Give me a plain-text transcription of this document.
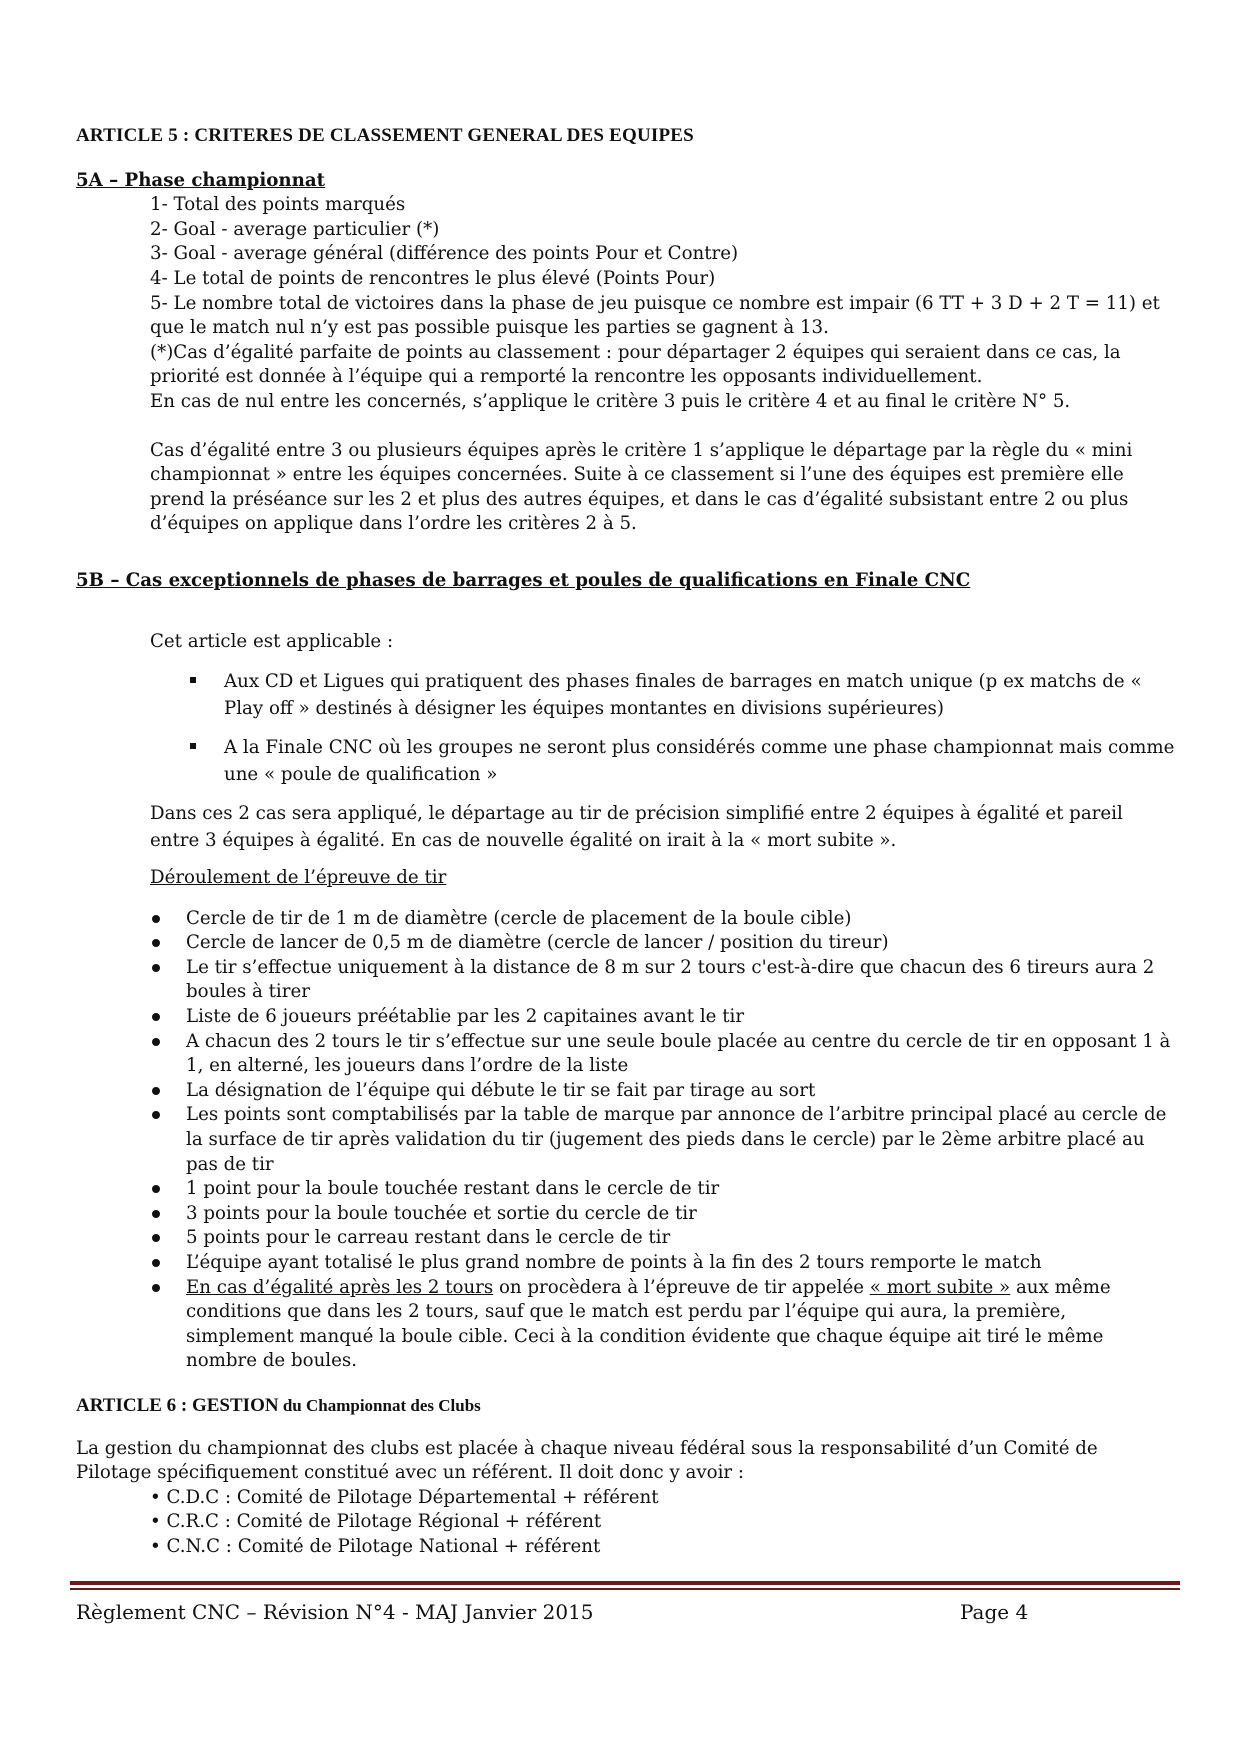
ARTICLE 5 : CRITERES DE CLASSEMENT GENERAL DES EQUIPES
5A – Phase championnat

1- Total des points marqués

2- Goal - average particulier (*)

3- Goal - average général (différence des points Pour et Contre)

4- Le total de points de rencontres le plus élevé (Points Pour)

5- Le nombre total de victoires dans la phase de jeu puisque ce nombre est impair (6 TT + 3 D + 2 T = 11) et que le match nul n’y est pas possible puisque les parties se gagnent à 13.

(*)Cas d’égalité parfaite de points au classement : pour départager 2 équipes qui seraient dans ce cas, la priorité est donnée à l’équipe qui a remporté la rencontre les opposants individuellement.

En cas de nul entre les concernés, s’applique le critère 3 puis le critère 4 et au final le critère N° 5.

Cas d’égalité entre 3 ou plusieurs équipes après le critère 1 s’applique le départage par la règle du « mini championnat » entre les équipes concernées. Suite à ce classement si l’une des équipes est première elle prend la préséance sur les 2 et plus des autres équipes, et dans le cas d’égalité subsistant entre 2 ou plus d’équipes on applique dans l’ordre les critères 2 à 5.

5B – Cas exceptionnels de phases de barrages et poules de qualifications en Finale CNC
Cet article est applicable :
Aux CD et Ligues qui pratiquent des phases finales de barrages en match unique (p ex matchs de « Play off » destinés à désigner les équipes montantes en divisions supérieures)
A la Finale CNC où les groupes ne seront plus considérés comme une phase championnat mais comme une « poule de qualification »
Dans ces 2 cas sera appliqué, le départage au tir de précision simplifié entre 2 équipes à égalité et pareil entre 3 équipes à égalité. En cas de nouvelle égalité on irait à la « mort subite ».
Déroulement de l’épreuve de tir
Cercle de tir de 1 m de diamètre (cercle de placement de la boule cible)
Cercle de lancer de 0,5 m de diamètre (cercle de lancer / position du tireur)
Le tir s’effectue uniquement à la distance de 8 m sur 2 tours c'est-à-dire que chacun des 6 tireurs aura 2 boules à tirer
Liste de 6 joueurs préétablie par les 2 capitaines avant le tir
A chacun des 2 tours le tir s’effectue sur une seule boule placée au centre du cercle de tir en opposant 1 à 1, en alterné, les joueurs dans l’ordre de la liste
La désignation de l’équipe qui débute le tir se fait par tirage au sort
Les points sont comptabilisés par la table de marque par annonce de l’arbitre principal placé au cercle de la surface de tir après validation du tir (jugement des pieds dans le cercle) par le 2ème arbitre placé au pas de tir
1 point pour la boule touchée restant dans le cercle de tir
3 points pour la boule touchée et sortie du cercle de tir
5 points pour le carreau restant dans le cercle de tir
L’équipe ayant totalisé le plus grand nombre de points à la fin des 2 tours remporte le match
En cas d’égalité après les 2 tours on procèdera à l’épreuve de tir appelée « mort subite » aux même conditions que dans les 2 tours, sauf que le match est perdu par l’équipe qui aura, la première, simplement manqué la boule cible. Ceci à la condition évidente que chaque équipe ait tiré le même nombre de boules.
ARTICLE 6 : GESTION du Championnat des Clubs

La gestion du championnat des clubs est placée à chaque niveau fédéral sous la responsabilité d’un Comité de Pilotage spécifiquement constitué avec un référent. Il doit donc y avoir :

• C.D.C : Comité de Pilotage Départemental + référent

• C.R.C : Comité de Pilotage Régional + référent

• C.N.C : Comité de Pilotage National + référent

Règlement CNC – Révision N°4 - MAJ Janvier 2015	Page 4
